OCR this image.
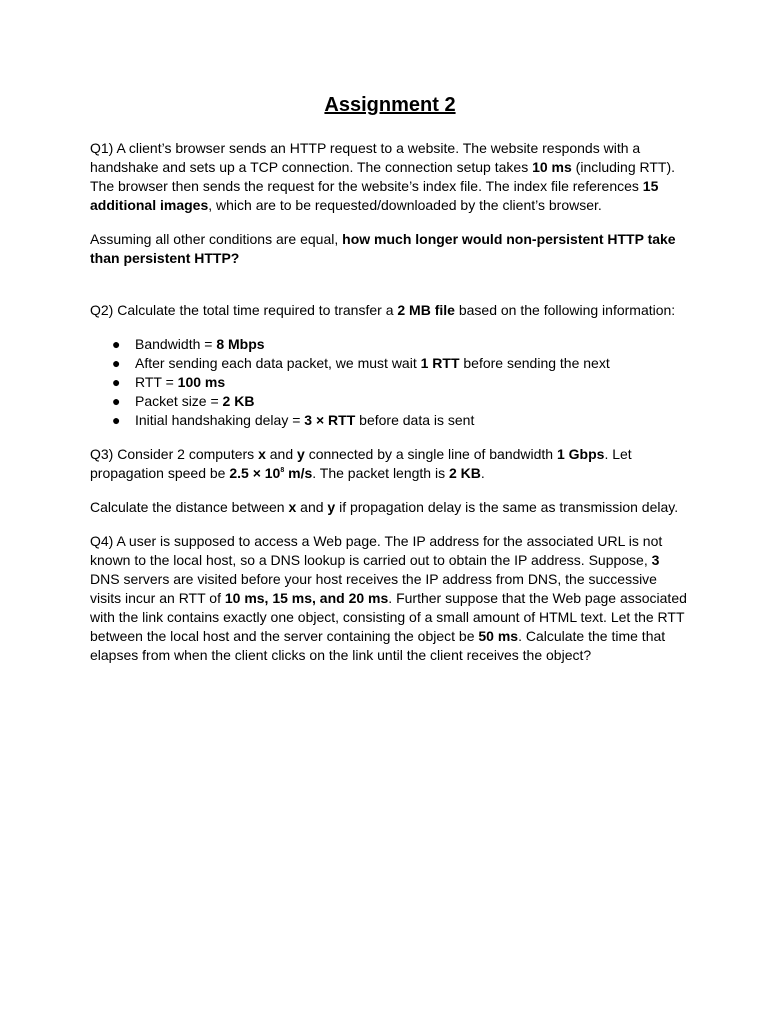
Assignment 2

Q1) A client’s browser sends an HTTP request to a website. The website responds with a handshake and sets up a TCP connection. The connection setup takes 10 ms (including RTT). The browser then sends the request for the website’s index file. The index file references 15 additional images, which are to be requested/downloaded by the client’s browser.

Assuming all other conditions are equal, how much longer would non-persistent HTTP take than persistent HTTP?

Q2) Calculate the total time required to transfer a 2 MB file based on the following information:

● Bandwidth = 8 Mbps
● After sending each data packet, we must wait 1 RTT before sending the next
● RTT = 100 ms
● Packet size = 2 KB
● Initial handshaking delay = 3 × RTT before data is sent

Q3) Consider 2 computers x and y connected by a single line of bandwidth 1 Gbps. Let propagation speed be $2.5 \times 10^8$ m/s. The packet length is 2 KB.

Calculate the distance between x and y if propagation delay is the same as transmission delay.

Q4) A user is supposed to access a Web page. The IP address for the associated URL is not known to the local host, so a DNS lookup is carried out to obtain the IP address. Suppose, 3 DNS servers are visited before your host receives the IP address from DNS, the successive visits incur an RTT of 10 ms, 15 ms, and 20 ms. Further suppose that the Web page associated with the link contains exactly one object, consisting of a small amount of HTML text. Let the RTT between the local host and the server containing the object be 50 ms. Calculate the time that elapses from when the client clicks on the link until the client receives the object?
